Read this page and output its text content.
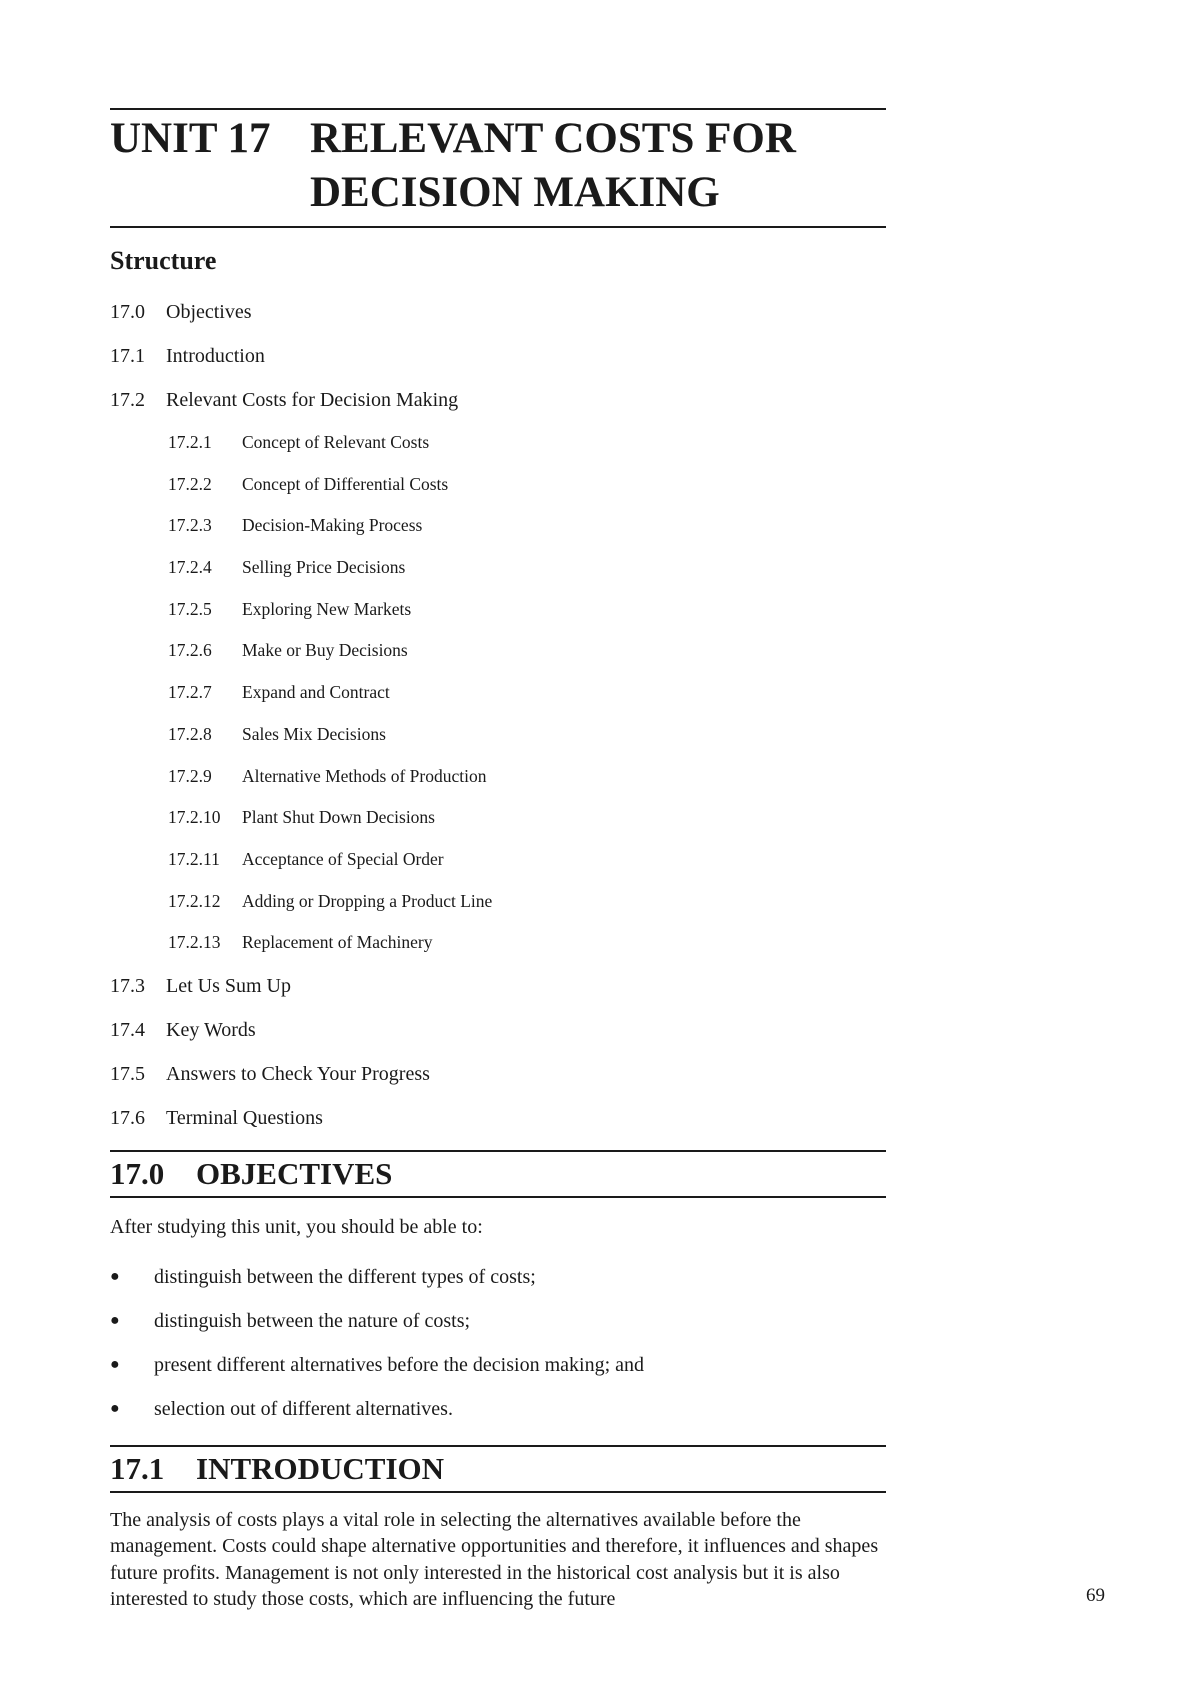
UNIT 17 RELEVANT COSTS FOR
DECISION MAKING
Structure
17.0	Objectives
17.1	Introduction
17.2	Relevant Costs for Decision Making
17.2.1	Concept of Relevant Costs
17.2.2	Concept of Differential Costs
17.2.3	Decision-Making Process
17.2.4	Selling Price Decisions
17.2.5	Exploring New Markets
17.2.6	Make or Buy Decisions
17.2.7	Expand and Contract
17.2.8	Sales Mix Decisions
17.2.9	Alternative Methods of Production
17.2.10	Plant Shut Down Decisions
17.2.11	Acceptance of Special Order
17.2.12	Adding or Dropping a Product Line
17.2.13	Replacement of Machinery
17.3	Let Us Sum Up
17.4	Key Words
17.5	Answers to Check Your Progress
17.6	Terminal Questions
17.0	OBJECTIVES
After studying this unit, you should be able to:
●	distinguish between the different types of costs;
●	distinguish between the nature of costs;
●	present different alternatives before the decision making; and
●	selection out of different alternatives.
17.1	INTRODUCTION
The analysis of costs plays a vital role in selecting the alternatives available before the management. Costs could shape alternative opportunities and therefore, it influences and shapes future profits. Management is not only interested in the historical cost analysis but it is also interested to study those costs, which are influencing the future	69
